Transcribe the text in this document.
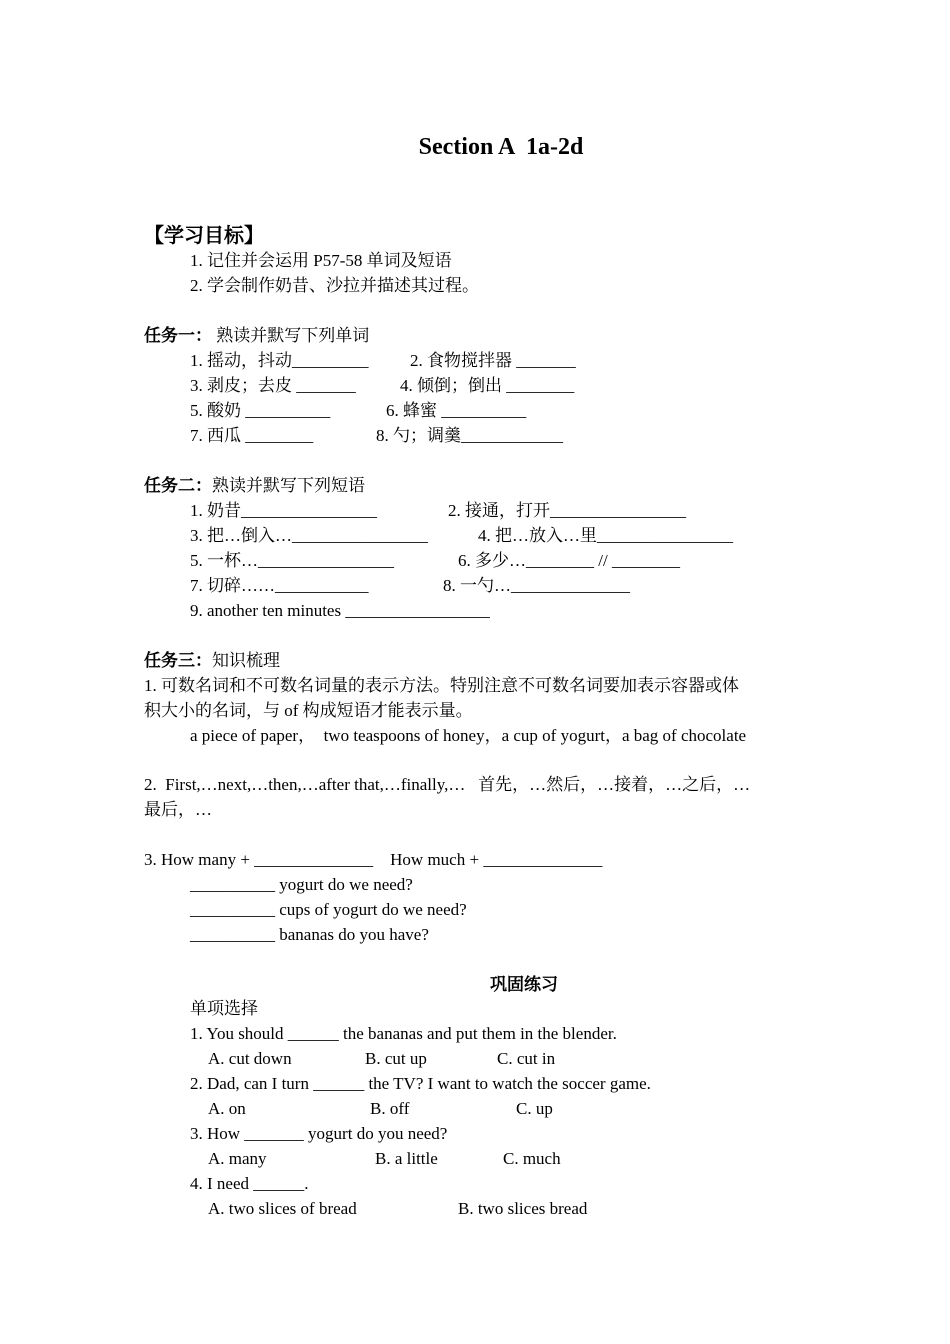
Section A  1a-2d
【学习目标】
1. 记住并会运用 P57-58 单词及短语
2. 学会制作奶昔、沙拉并描述其过程。
任务一： 熟读并默写下列单词
1. 摇动，抖动_________ 2. 食物搅拌器 _______
3. 剥皮；去皮 _______	4. 倾倒；倒出 ________
5. 酸奶 __________	6. 蜂蜜 __________
7. 西瓜 ________	8. 勺；调羹____________
任务二：熟读并默写下列短语
1. 奶昔________________	2. 接通，打开________________
3. 把…倒入…________________	4. 把…放入…里________________
5. 一杯…________________	6. 多少…________ // ________
7. 切碎……___________	8. 一勺…______________
9. another ten minutes _________________
任务三：知识梳理
1. 可数名词和不可数名词量的表示方法。特别注意不可数名词要加表示容器或体
积大小的名词，与 of 构成短语才能表示量。
a piece of paper，  two teaspoons of honey，a cup of yogurt，a bag of chocolate
2.  First,…next,…then,…after that,…finally,…   首先，…然后，…接着，…之后，…
最后，…
3. How many + ______________    How much + ______________
__________ yogurt do we need?
__________ cups of yogurt do we need?
__________ bananas do you have?
巩固练习
单项选择
1. You should ______ the bananas and put them in the blender.
A. cut down	B. cut up	C. cut in
2. Dad, can I turn ______ the TV? I want to watch the soccer game.
A. on	B. off	C. up
3. How _______ yogurt do you need?
A. many	B. a little	C. much
4. I need ______.
A. two slices of bread	B. two slices bread
